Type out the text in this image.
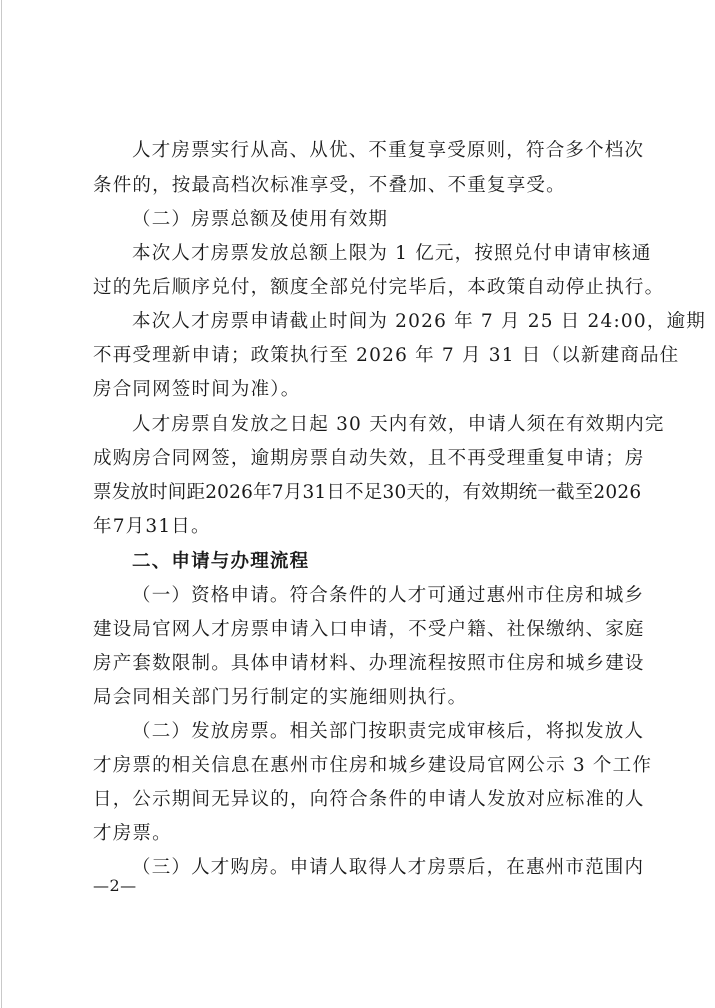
人才房票实行从高、从优、不重复享受原则，符合多个档次
条件的，按最高档次标准享受，不叠加、不重复享受。
（二）房票总额及使用有效期
本次人才房票发放总额上限为 1 亿元，按照兑付申请审核通
过的先后顺序兑付，额度全部兑付完毕后，本政策自动停止执行。
本次人才房票申请截止时间为 2026 年 7 月 25 日 24:00，逾期
不再受理新申请；政策执行至 2026 年 7 月 31 日（以新建商品住
房合同网签时间为准）。
人才房票自发放之日起 30 天内有效，申请人须在有效期内完
成购房合同网签，逾期房票自动失效，且不再受理重复申请；房
票发放时间距2026年7月31日不足30天的，有效期统一截至2026
年7月31日。
二、申请与办理流程
（一）资格申请。符合条件的人才可通过惠州市住房和城乡
建设局官网人才房票申请入口申请，不受户籍、社保缴纳、家庭
房产套数限制。具体申请材料、办理流程按照市住房和城乡建设
局会同相关部门另行制定的实施细则执行。
（二）发放房票。相关部门按职责完成审核后，将拟发放人
才房票的相关信息在惠州市住房和城乡建设局官网公示 3 个工作
日，公示期间无异议的，向符合条件的申请人发放对应标准的人
才房票。
（三）人才购房。申请人取得人才房票后，在惠州市范围内
—2—
